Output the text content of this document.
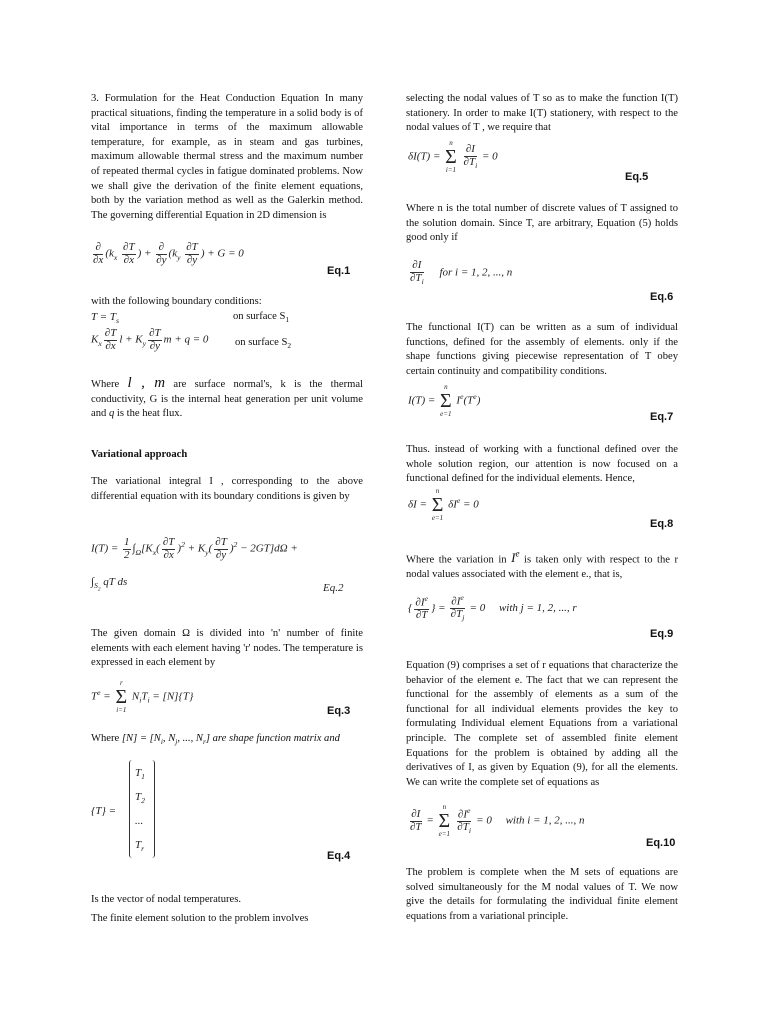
3. Formulation for the Heat Conduction Equation In many practical situations, finding the temperature in a solid body is of vital importance in terms of the maximum allowable temperature, for example, as in steam and gas turbines, maximum allowable thermal stress and the maximum number of repeated thermal cycles in fatigue dominated problems. Now we shall give the derivation of the finite element equations, both by the variation method as well as the Galerkin method. The governing differential Equation in 2D dimension is

$\frac{\partial}{\partial x} (k_x \frac{\partial T}{\partial x}$ ) + $\frac{\partial}{\partial y} (k_y \frac{\partial T}{\partial y}$ ) + G = 0
Eq.1

with the following boundary conditions:

$T = T_s$	on surface $S_1$
$K_x \frac{\partial T}{\partial x}$ $l + K_y \frac{\partial T}{\partial y}$ m + q = 0	on surface $S_2$

Where l , m are surface normal's, k is the thermal conductivity, G is the internal heat generation per unit volume and q is the heat flux.

Variational approach

The variational integral I , corresponding to the above differential equation with its boundary conditions is given by

$I(T) = \frac{1}{2} \int_\Omega[K_x( \frac{\partial T}{\partial x} )^2 + K_y( \frac{\partial T}{\partial y} )^2 - 2GT]d\Omega$ +
$\int_{S_2}$ qT ds	Eq.2

The given domain Ω is divided into 'n' number of finite elements with each element having 'r' nodes. The temperature is expressed in each element by

$T^e$ =
r
Σ
i=1
$N_iT_i = [N]\{T\}$
Eq.3

Where $[N] = [N_i$, $N_j$, ..., $N_r$] are shape function matrix and

{T} =
$T_1$
$T_2$
...
$T_r$
Eq.4

Is the vector of nodal temperatures.

The finite element solution to the problem involves

selecting the nodal values of T so as to make the function I(T) stationery. In order to make I(T) stationery, with respect to the nodal values of T , we require that

δI(T) =
n
Σ
i=1

$\frac{\partial I}{\partial T_i} = 0$
Eq.5

Where n is the total number of discrete values of T assigned to the solution domain. Since T, are arbitrary, Equation (5) holds good only if

$\frac{\partial I}{\partial T_i}$ for i = 1, 2, ..., n
Eq.6

The functional I(T) can be written as a sum of individual functions, defined for the assembly of elements. only if the shape functions giving piecewise representation of T obey certain continuity and compatibility conditions.

I(T) =
n
Σ
e=1
$Ie(T^e)$
Eq.7

Thus. instead of working with a functional defined over the whole solution region, our attention is now focused on a functional defined for the individual elements. Hence,

δI =
n
Σ
e=1
$\delta I^e = 0$
Eq.8

Where the variation in Ie is taken only with respect to the r nodal values associated with the element e., that is,

{ $\frac{\partial I^e}{\partial T}$ } = $\frac{\partial I^e}{\partial T_j} = 0$     with j = 1, 2, ..., r
Eq.9

Equation (9) comprises a set of r equations that characterize the behavior of the element e. The fact that we can represent the functional for the assembly of elements as a sum of the functional for all individual elements provides the key to formulating Individual element Equations from a variational principle. The complete set of assembled finite element Equations for the problem is obtained by adding all the derivatives of I, as given by Equation (9), for all the elements. We can write the complete set of equations as

$\frac{\partial I}{\partial T}$ =
n
Σ
e=1
$\frac{\partial I^e}{\partial T_i} = 0$     with i = 1, 2, ..., n
Eq.10

The problem is complete when the M sets of equations are solved simultaneously for the M nodal values of T. We now give the details for formulating the individual finite element equations from a variational principle.
